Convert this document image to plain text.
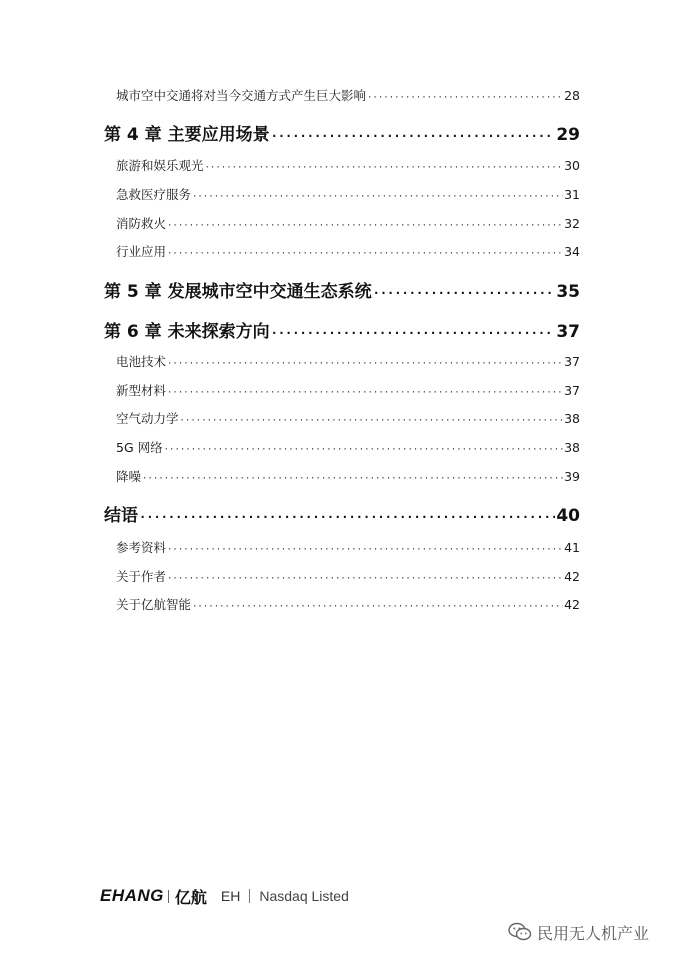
城市空中交通将对当今交通方式产生巨大影响 ·····	28
第 4 章 主要应用场景 ·····	29
旅游和娱乐观光 ·····	30
急救医疗服务 ·····	31
消防救火 ·····	32
行业应用 ·····	34
第 5 章 发展城市空中交通生态系统 ·····	35
第 6 章 未来探索方向 ·····	37
电池技术 ·····	37
新型材料 ·····	37
空气动力学 ·····	38
5G 网络 ·····	38
降噪 ·····	39
结语 ·····	40
参考资料 ·····	41
关于作者 ·····	42
关于亿航智能 ·····	42
EHANG 亿航 EH Nasdaq Listed
民用无人机产业
